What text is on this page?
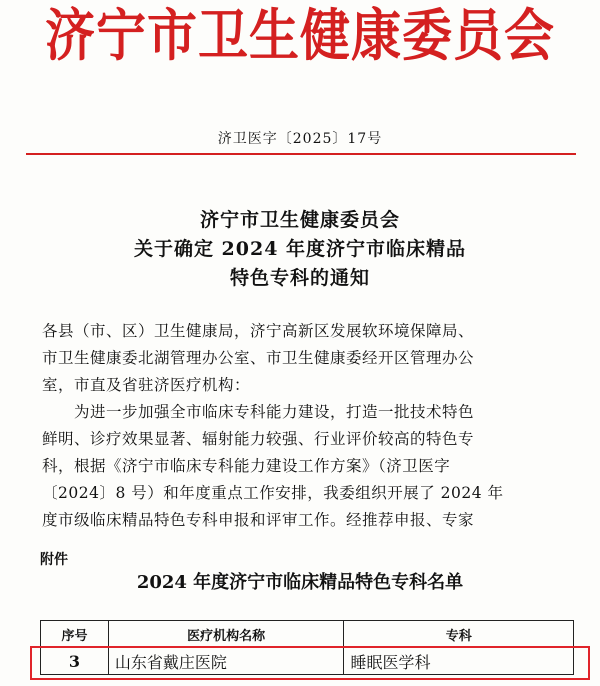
济宁市卫生健康委员会
济卫医字〔2025〕17号
济宁市卫生健康委员会
关于确定 2024 年度济宁市临床精品
特色专科的通知
各县（市、区）卫生健康局，济宁高新区发展软环境保障局、
市卫生健康委北湖管理办公室、市卫生健康委经开区管理办公
室，市直及省驻济医疗机构：
为进一步加强全市临床专科能力建设，打造一批技术特色
鲜明、诊疗效果显著、辐射能力较强、行业评价较高的特色专
科，根据《济宁市临床专科能力建设工作方案》（济卫医字
〔2024〕8 号）和年度重点工作安排，我委组织开展了 2024 年
度市级临床精品特色专科申报和评审工作。经推荐申报、专家
附件
2024 年度济宁市临床精品特色专科名单
序号	医疗机构名称	专科
3	山东省戴庄医院	睡眠医学科
